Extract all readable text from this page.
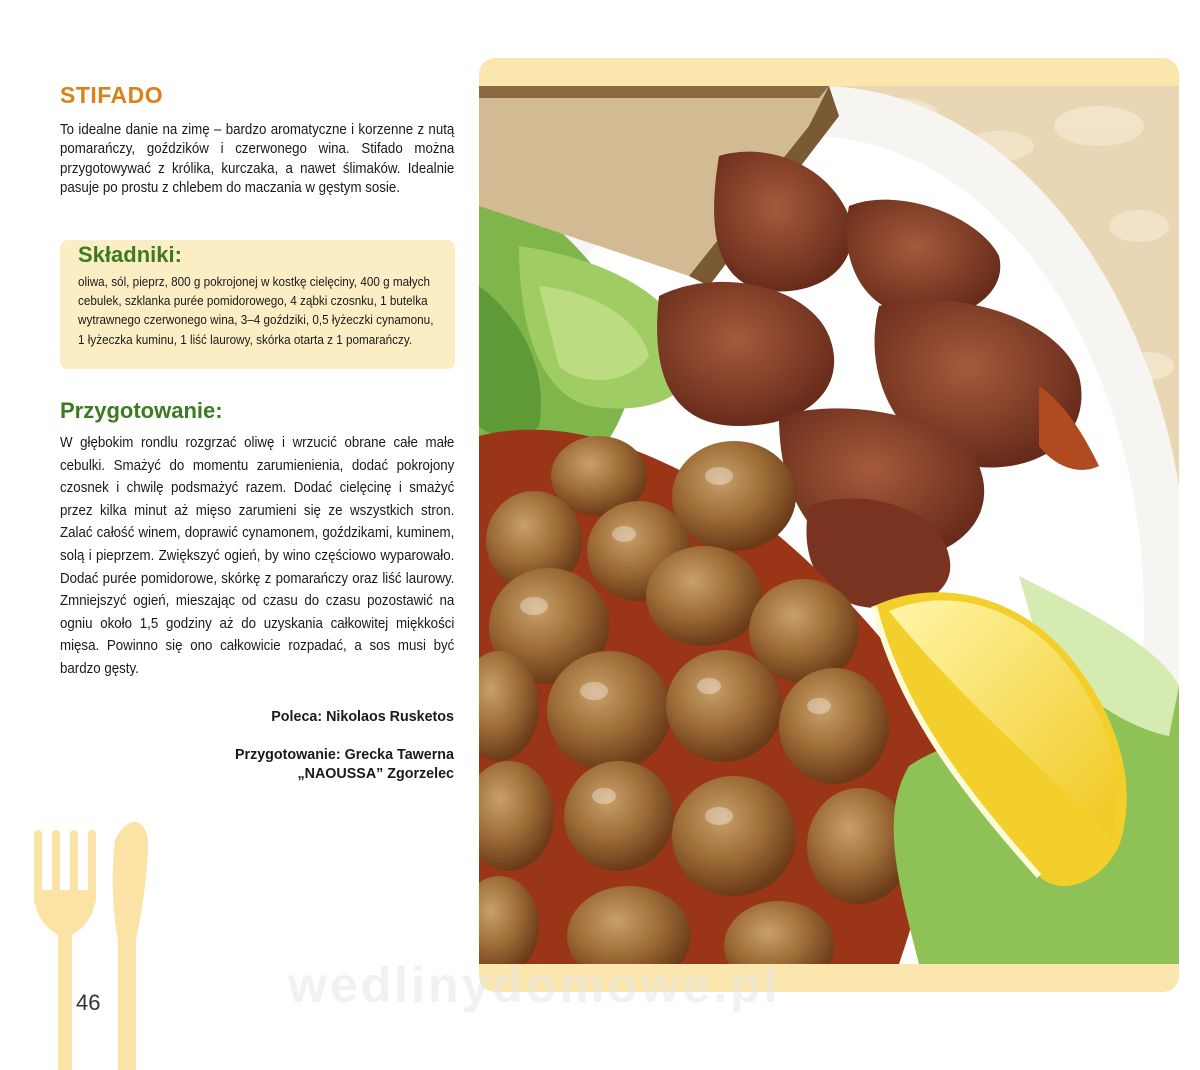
STIFADO
To idealne danie na zimę – bardzo aromatyczne i korzenne z nutą pomarańczy, goździków i czerwonego wina. Stifado można przygotowywać z królika, kurczaka, a nawet ślimaków. Idealnie pasuje po prostu z chlebem do maczania w gęstym sosie.
Składniki:
oliwa, sól, pieprz, 800 g pokrojonej w kostkę cielęciny, 400 g małych cebulek, szklanka purée pomidorowego, 4 ząbki czosnku, 1 butelka wytrawnego czerwonego wina, 3–4 goździki, 0,5 łyżeczki cynamonu, 1 łyżeczka kuminu, 1 liść laurowy, skórka otarta z 1 pomarańczy.
Przygotowanie:
W głębokim rondlu rozgrzać oliwę i wrzucić obrane całe małe cebulki. Smażyć do momentu zarumienienia, dodać pokrojony czosnek i chwilę podsmażyć razem. Dodać cielęcinę i smażyć przez kilka minut aż mięso zarumieni się ze wszystkich stron. Zalać całość winem, doprawić cynamonem, goździkami, kuminem, solą i pieprzem. Zwiększyć ogień, by wino częściowo wyparowało. Dodać purée pomidorowe, skórkę z pomarańczy oraz liść laurowy. Zmniejszyć ogień, mieszając od czasu do czasu pozostawić na ogniu około 1,5 godziny aż do uzyskania całkowitej miękkości mięsa. Powinno się ono całkowicie rozpadać, a sos musi być bardzo gęsty.
Poleca: Nikolaos Rusketos
Przygotowanie: Grecka Tawerna
„NAOUSSA” Zgorzelec
46	wedlinydomowe.pl
